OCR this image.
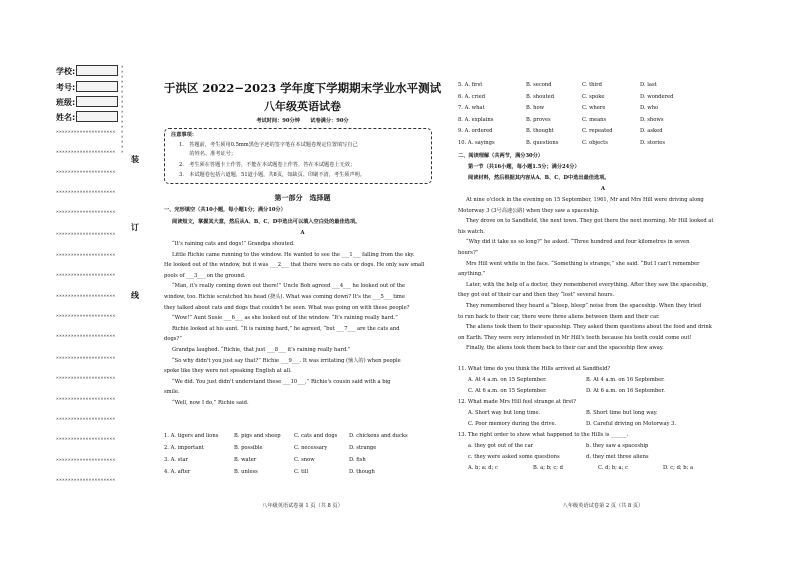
学校:
考号:
班级:
姓名:
×
×
×
×
×
×
×
×
×
×
×
×
×
×
×
×
×
×
××××××××××××××××××××
××××××××××××××××××××
××××××××××××××××××××
××××××××××××××××××××
××××××××××××××××××××
××××××××××××××××××××
××××××××××××××××××××
××××××××××××××××××××
××××××××××××××××××××
××××××××××××××××××××
××××××××××××××××××××
××××××××××××××××××××
××××××××××××××××××××
××××××××××××××××××××
××××××××××××××××××××
××××××××××××××××××××
××××××××××××××××××××
××××××××××××××××××××
装
订
线
于洪区 2022−2023 学年度下学期期末学业水平测试
八年级英语试卷
考试时间：90分钟　　试卷满分：90分
注意事项：
1.　答题前，考生须用0.5mm黑色字迹的签字笔在本试题卷规定位置填写自己
　　的姓名、准考证号；
2.　考生须在答题卡上作答，不能在本试题卷上作答，答在本试题卷上无效；
3.　本试题卷包括六道题，51道小题，共8页，如缺页、印刷不清，考生须声明。
第一部分　选择题
一、完形填空（共10小题，每小题1分；满分10分）
阅读短文，掌握其大意，然后从A、B、C、D中选出可以填入空白处的最佳选项。
A
“It's raining cats and dogs!” Grandpa shouted.
Little Richie came running to the window. He wanted to see the ___1___ falling from the sky.
He looked out of the window, but it was ___2___ that there were no cats or dogs. He only saw small
pools of ___3___ on the ground.
“Man, it's really coming down out there!” Uncle Bob agreed ___4___ he looked out of the
window, too. Richie scratched his head (挠头). What was coming down? It's the ___5___ time
they talked about cats and dogs that couldn't be seen. What was going on with these people?
“Wow!” Aunt Susie ___6___ as she looked out of the window. “It's raining really hard.”
Richie looked at his aunt. “It is raining hard,” he agreed, “but ___7___ are the cats and
dogs?”
Grandpa laughed. “Richie, that just ___8___ it's raining really hard.”
“So why didn't you just say that?” Richie ___9___. It was irritating (恼人的) when people
spoke like they were not speaking English at all.
“We did. You just didn't understand these ___10___,” Richie's cousin said with a big
smile.
“Well, now I do,” Richie said.
1. A. tigers and lions	B. pigs and sheep	C. cats and dogs	D. chickens and ducks
2. A. important	B. possible	C. necessary	D. strange
3. A. star	B. water	C. snow	D. fish
4. A. after	B. unless	C. till	D. though
八年级英语试卷第 1 页（共 8 页）
5. A. first	B. second	C. third	D. last
6. A. cried	B. shouted	C. spoke	D. wondered
7. A. what	B. how	C. where	D. who
8. A. explains	B. proves	C. means	D. shows
9. A. ordered	B. thought	C. repeated	D. asked
10. A. sayings	B. questions	C. objects	D. stories
二、阅读理解（共两节，满分30分）
第一节（共16小题，每小题1.5分；满分24分）
阅读材料，然后根据其内容从A、B、C、D中选出最佳选项。
A
At nine o'clock in the evening on 15 September, 1961, Mr and Mrs Hill were driving along
Motorway 3 (3号高速公路) when they saw a spaceship.
They drove on to Sandfield, the next town. They got there the next morning. Mr Hill looked at
his watch.
“Why did it take us so long?” he asked. “Three hundred and four kilometres in seven
hours?”
Mrs Hill went white in the face. “Something is strange,” she said. “But I can't remember
anything.”
Later, with the help of a doctor, they remembered everything. After they saw the spaceship,
they got out of their car and then they “lost” several hours.
They remembered they heard a “bleep, bleep” noise from the spaceship. When they tried
to run back to their car, there were three aliens between them and their car.
The aliens took them to their spaceship. They asked them questions about the food and drink
on Earth. They were very interested in Mr Hill's teeth because his teeth could come out!
Finally, the aliens took them back to their car and the spaceship flew away.
11. What time do you think the Hills arrived at Sandfield?
A. At 4 a.m. on 15 September.	B. At 4 a.m. on 16 September.
C. At 6 a.m. on 15 September.	D. At 6 a.m. on 16 September.
12. What made Mrs Hill feel strange at first?
A. Short way but long time.	B. Short time but long way.
C. Poor memory during the drive.	D. Careful driving on Motorway 3.
13. The right order to show what happened to the Hills is ______.
a. they got out of the car	b. they saw a spaceship
c. they were asked some questions	d. they met three aliens
A. b; a; d; c	B. a; b; c; d	C. d; b; a; c	D. c; d; b; a
八年级英语试卷第 2 页（共 8 页）
